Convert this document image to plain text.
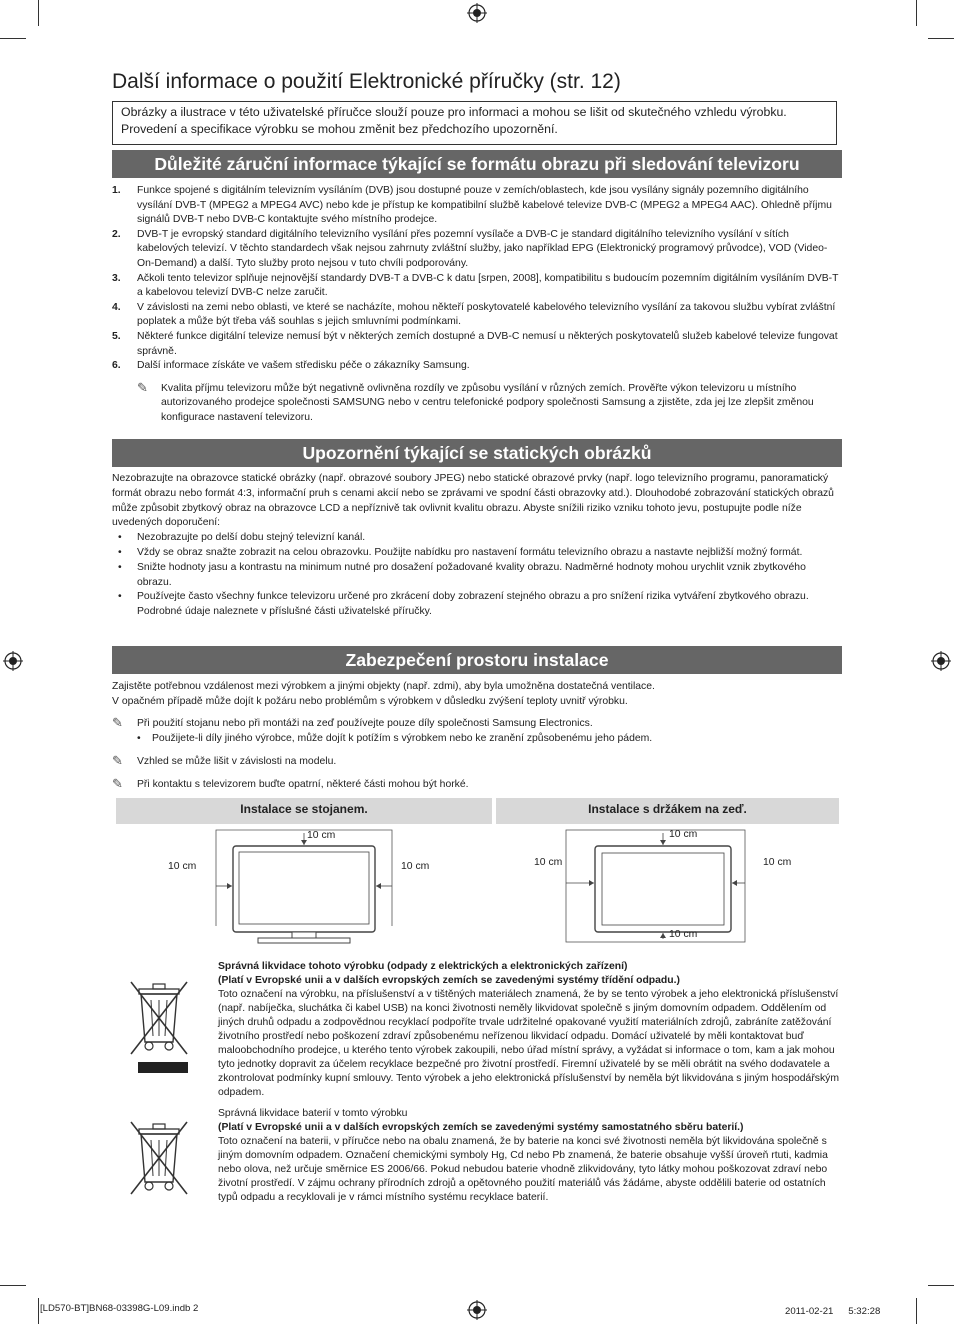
Další informace o použití Elektronické příručky (str. 12)
Obrázky a ilustrace v této uživatelské příručce slouží pouze pro informaci a mohou se lišit od skutečného vzhledu výrobku. Provedení a specifikace výrobku se mohou změnit bez předchozího upozornění.
Důležité záruční informace týkající se formátu obrazu při sledování televizoru
1. Funkce spojené s digitálním televizním vysíláním (DVB) jsou dostupné pouze v zemích/oblastech, kde jsou vysílány signály pozemního digitálního vysílání DVB-T (MPEG2 a MPEG4 AVC) nebo kde je přístup ke kompatibilní službě kabelové televize DVB-C (MPEG2 a MPEG4 AAC). Ohledně příjmu signálů DVB-T nebo DVB-C kontaktujte svého místního prodejce.
2. DVB-T je evropský standard digitálního televizního vysílání přes pozemní vysílače a DVB-C je standard digitálního televizního vysílání v sítích kabelových televizí. V těchto standardech však nejsou zahrnuty zvláštní služby, jako například EPG (Elektronický programový průvodce), VOD (Video-On-Demand) a další. Tyto služby proto nejsou v tuto chvíli podporovány.
3. Ačkoli tento televizor splňuje nejnovější standardy DVB-T a DVB-C k datu [srpen, 2008], kompatibilitu s budoucím pozemním digitálním vysíláním DVB-T a kabelovou televizí DVB-C nelze zaručit.
4. V závislosti na zemi nebo oblasti, ve které se nacházíte, mohou někteří poskytovatelé kabelového televizního vysílání za takovou službu vybírat zvláštní poplatek a může být třeba váš souhlas s jejich smluvními podmínkami.
5. Některé funkce digitální televize nemusí být v některých zemích dostupné a DVB-C nemusí u některých poskytovatelů služeb kabelové televize fungovat správně.
6. Další informace získáte ve vašem středisku péče o zákazníky Samsung.
✎ Kvalita příjmu televizoru může být negativně ovlivněna rozdíly ve způsobu vysílání v různých zemích. Prověřte výkon televizoru u místního autorizovaného prodejce společnosti SAMSUNG nebo v centru telefonické podpory společnosti Samsung a zjistěte, zda jej lze zlepšit změnou konfigurace nastavení televizoru.
Upozornění týkající se statických obrázků
Nezobrazujte na obrazovce statické obrázky (např. obrazové soubory JPEG) nebo statické obrazové prvky (např. logo televizního programu, panoramatický formát obrazu nebo formát 4:3, informační pruh s cenami akcií nebo se zprávami ve spodní části obrazovky atd.). Dlouhodobé zobrazování statických obrazů může způsobit zbytkový obraz na obrazovce LCD a nepříznivě tak ovlivnit kvalitu obrazu. Abyste snížili riziko vzniku tohoto jevu, postupujte podle níže uvedených doporučení:
• Nezobrazujte po delší dobu stejný televizní kanál.
• Vždy se obraz snažte zobrazit na celou obrazovku. Použijte nabídku pro nastavení formátu televizního obrazu a nastavte nejbližší možný formát.
• Snižte hodnoty jasu a kontrastu na minimum nutné pro dosažení požadované kvality obrazu. Nadměrné hodnoty mohou urychlit vznik zbytkového obrazu.
• Používejte často všechny funkce televizoru určené pro zkrácení doby zobrazení stejného obrazu a pro snížení rizika vytváření zbytkového obrazu. Podrobné údaje naleznete v příslušné části uživatelské příručky.
Zabezpečení prostoru instalace
Zajistěte potřebnou vzdálenost mezi výrobkem a jinými objekty (např. zdmi), aby byla umožněna dostatečná ventilace.
V opačném případě může dojít k požáru nebo problémům s výrobkem v důsledku zvýšení teploty uvnitř výrobku.
✎ Při použití stojanu nebo při montáži na zeď používejte pouze díly společnosti Samsung Electronics.
• Použijete-li díly jiného výrobce, může dojít k potížím s výrobkem nebo ke zranění způsobenému jeho pádem.
✎ Vzhled se může lišit v závislosti na modelu.
✎ Při kontaktu s televizorem buďte opatrní, některé části mohou být horké.
Instalace se stojanem.	Instalace s držákem na zeď.
10 cm
10 cm	10 cm
10 cm
10 cm	10 cm
10 cm
Správná likvidace tohoto výrobku (odpady z elektrických a elektronických zařízení)
(Platí v Evropské unii a v dalších evropských zemích se zavedenými systémy třídění odpadu.)
Toto označení na výrobku, na příslušenství a v tištěných materiálech znamená, že by se tento výrobek a jeho elektronická příslušenství (např. nabíječka, sluchátka či kabel USB) na konci životnosti neměly likvidovat společně s jiným domovním odpadem. Oddělením od jiných druhů odpadu a zodpovědnou recyklací podpoříte trvale udržitelné opakované využití materiálních zdrojů, zabráníte zatěžování životního prostředí nebo poškození zdraví způsobenému neřízenou likvidací odpadu. Domácí uživatelé by měli kontaktovat buď maloobchodního prodejce, u kterého tento výrobek zakoupili, nebo úřad místní správy, a vyžádat si informace o tom, kam a jak mohou tyto jednotky dopravit za účelem recyklace bezpečné pro životní prostředí. Firemní uživatelé by se měli obrátit na svého dodavatele a zkontrolovat podmínky kupní smlouvy. Tento výrobek a jeho elektronická příslušenství by neměla být likvidována s jiným hospodářským odpadem.
Správná likvidace baterií v tomto výrobku
(Platí v Evropské unii a v dalších evropských zemích se zavedenými systémy samostatného sběru baterií.)
Toto označení na baterii, v příručce nebo na obalu znamená, že by baterie na konci své životnosti neměla být likvidována společně s jiným domovním odpadem. Označení chemickými symboly Hg, Cd nebo Pb znamená, že baterie obsahuje vyšší úroveň rtuti, kadmia nebo olova, než určuje směrnice ES 2006/66. Pokud nebudou baterie vhodně zlikvidovány, tyto látky mohou poškozovat zdraví nebo životní prostředí. V zájmu ochrany přírodních zdrojů a opětovného použití materiálů vás žádáme, abyste oddělili baterie od ostatních typů odpadu a recyklovali je v rámci místního systému recyklace baterií.
[LD570-BT]BN68-03398G-L09.indb 2	2011-02-21 　 5:32:28
